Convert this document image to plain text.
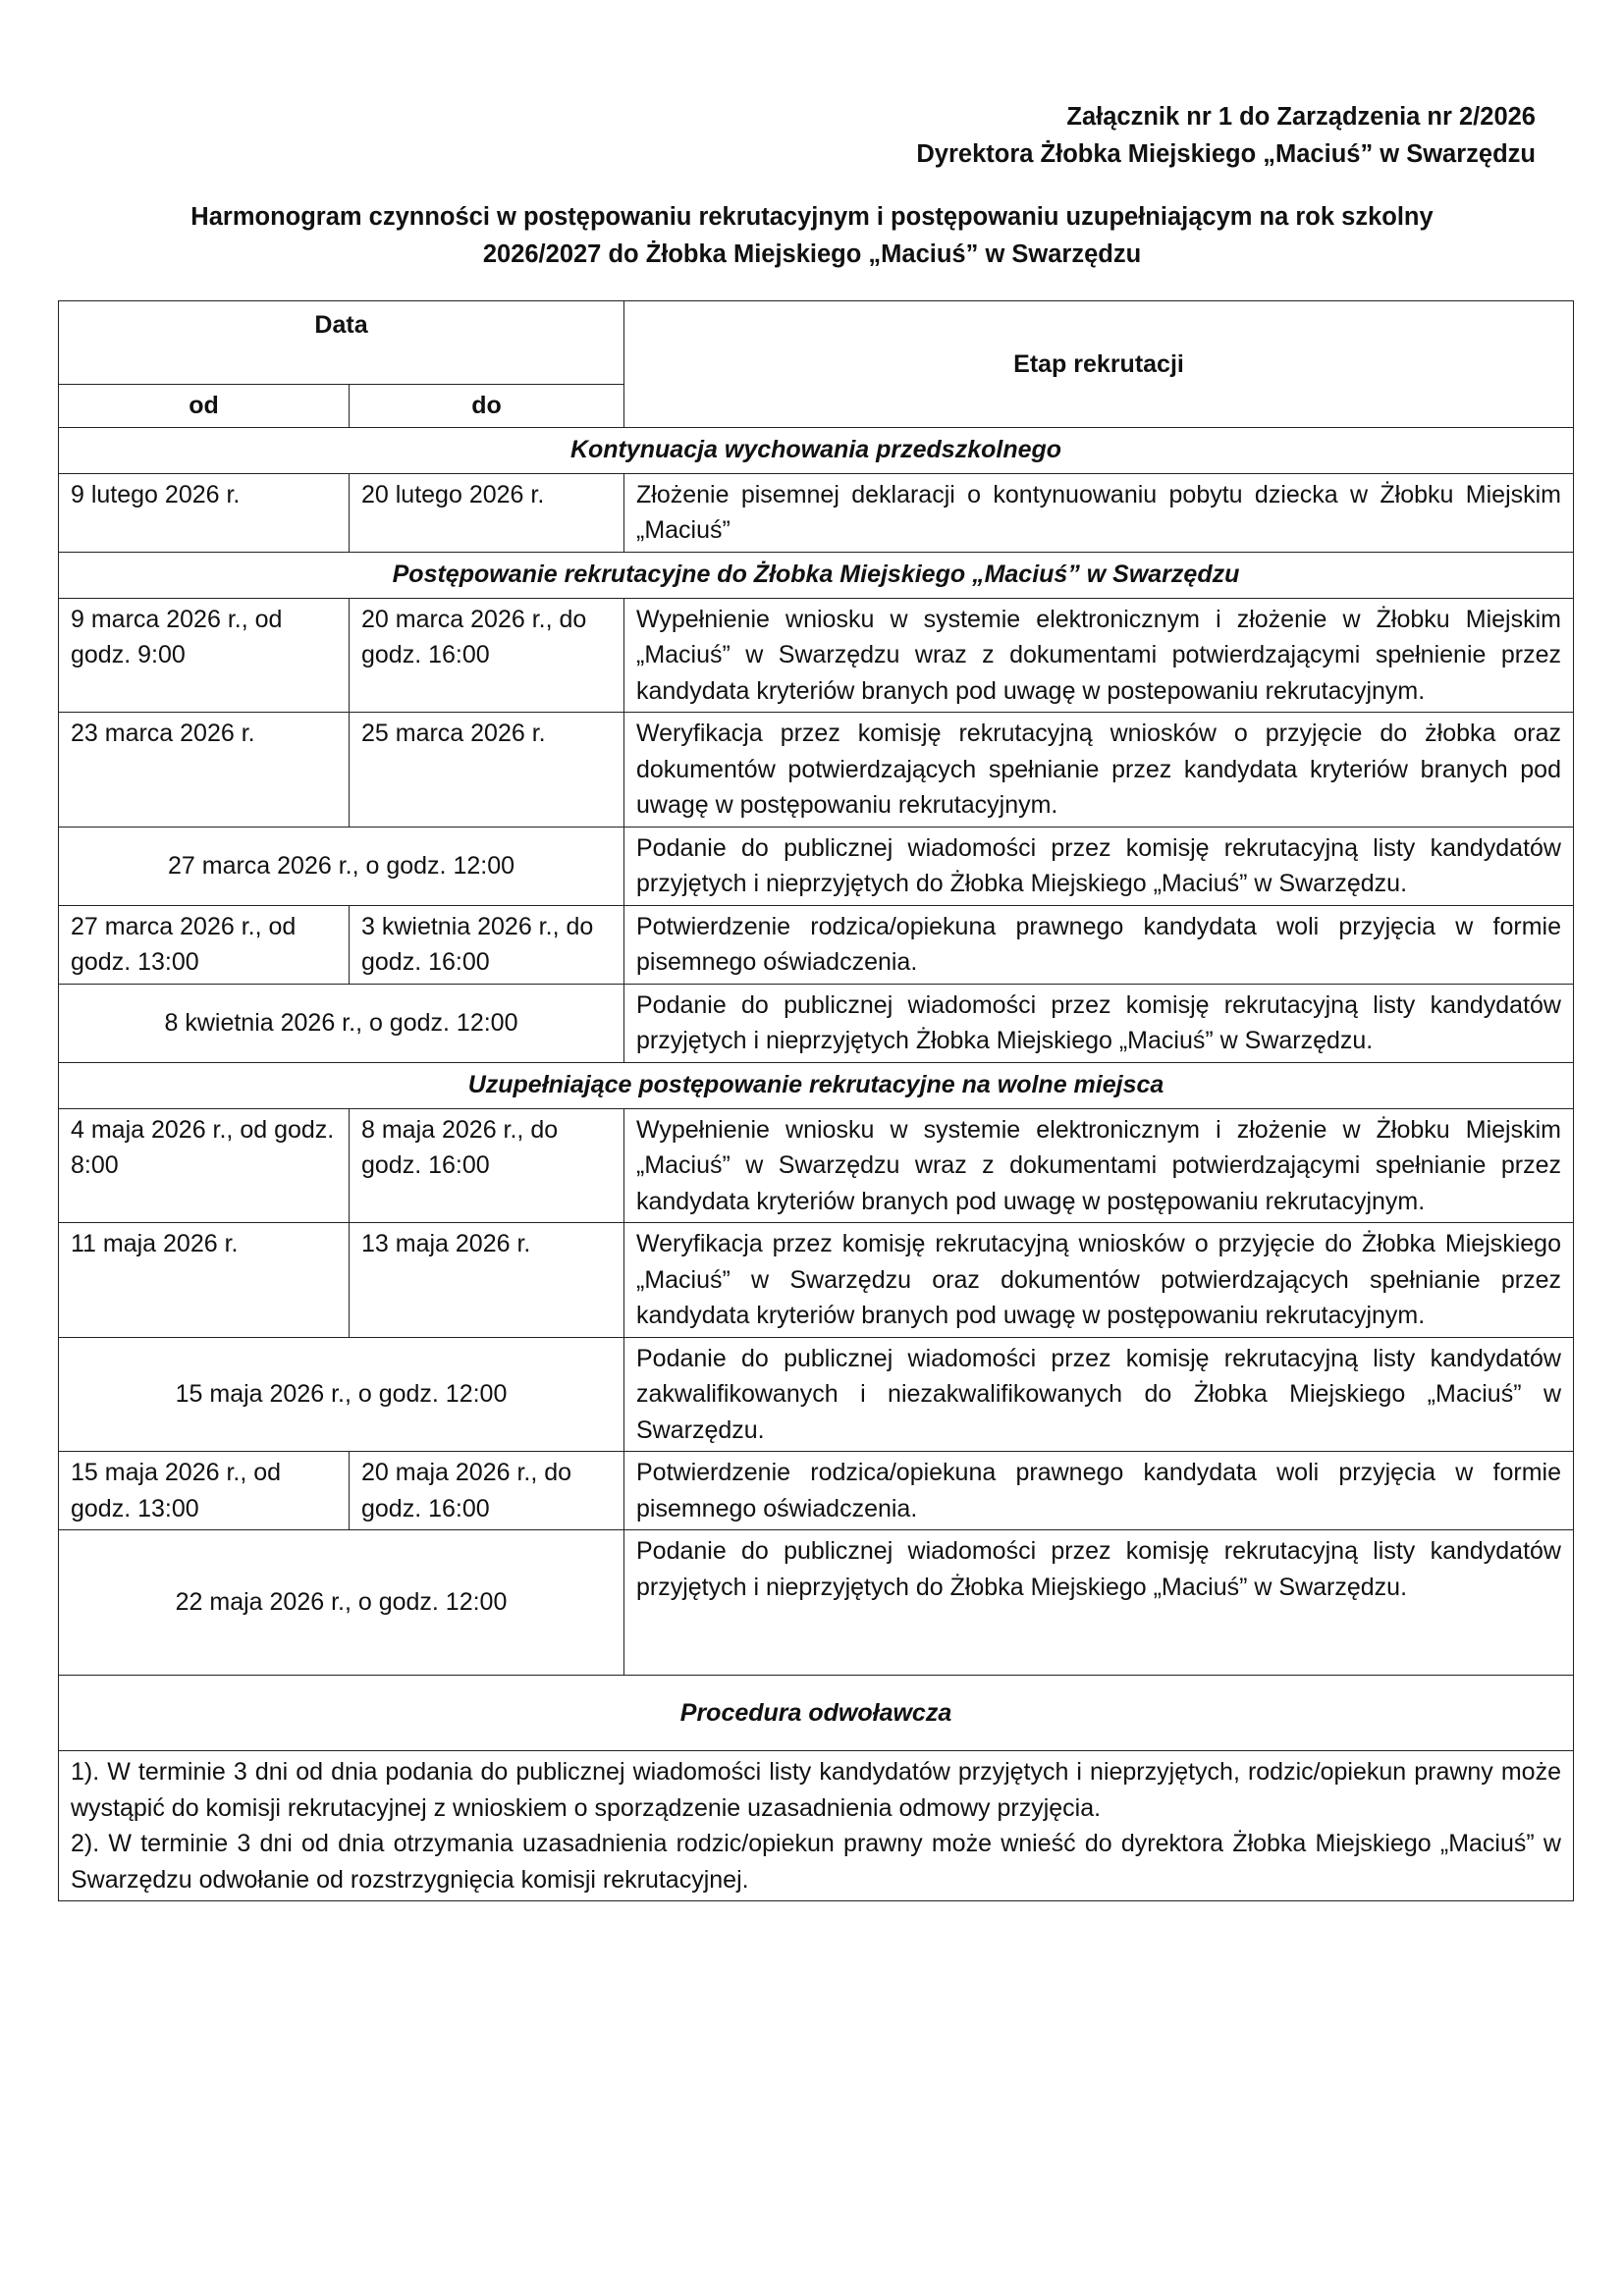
Załącznik nr 1 do Zarządzenia nr 2/2026
Dyrektora Żłobka Miejskiego „Maciuś” w Swarzędzu
Harmonogram czynności w postępowaniu rekrutacyjnym i postępowaniu uzupełniającym na rok szkolny
2026/2027 do Żłobka Miejskiego „Maciuś” w Swarzędzu
Data		Etap rekrutacji
od	do	
Kontynuacja wychowania przedszkolnego		
9 lutego 2026 r.	20 lutego 2026 r.	Złożenie pisemnej deklaracji o kontynuowaniu pobytu dziecka w Żłobku Miejskim „Maciuś”
Postępowanie rekrutacyjne do Żłobka Miejskiego „Maciuś” w Swarzędzu		
9 marca 2026 r., od godz. 9:00	20 marca 2026 r., do godz. 16:00	Wypełnienie wniosku w systemie elektronicznym i złożenie w Żłobku Miejskim „Maciuś” w Swarzędzu wraz z dokumentami potwierdzającymi spełnienie przez kandydata kryteriów branych pod uwagę w postepowaniu rekrutacyjnym.
23 marca 2026 r.	25 marca 2026 r.	Weryfikacja przez komisję rekrutacyjną wniosków o przyjęcie do żłobka oraz dokumentów potwierdzających spełnianie przez kandydata kryteriów branych pod uwagę w postępowaniu rekrutacyjnym.
27 marca 2026 r., o godz. 12:00		Podanie do publicznej wiadomości przez komisję rekrutacyjną listy kandydatów przyjętych i nieprzyjętych do Żłobka Miejskiego „Maciuś” w Swarzędzu.
27 marca 2026 r., od godz. 13:00	3 kwietnia 2026 r., do godz. 16:00	Potwierdzenie rodzica/opiekuna prawnego kandydata woli przyjęcia w formie pisemnego oświadczenia.
8 kwietnia 2026 r., o godz. 12:00		Podanie do publicznej wiadomości przez komisję rekrutacyjną listy kandydatów przyjętych i nieprzyjętych Żłobka Miejskiego „Maciuś” w Swarzędzu.
Uzupełniające postępowanie rekrutacyjne na wolne miejsca		
4 maja 2026 r., od godz. 8:00	8 maja 2026 r., do godz. 16:00	Wypełnienie wniosku w systemie elektronicznym i złożenie w Żłobku Miejskim „Maciuś” w Swarzędzu wraz z dokumentami potwierdzającymi spełnianie przez kandydata kryteriów branych pod uwagę w postępowaniu rekrutacyjnym.
11 maja 2026 r.	13 maja 2026 r.	Weryfikacja przez komisję rekrutacyjną wniosków o przyjęcie do Żłobka Miejskiego „Maciuś” w Swarzędzu oraz dokumentów potwierdzających spełnianie przez kandydata kryteriów branych pod uwagę w postępowaniu rekrutacyjnym.
15 maja 2026 r., o godz. 12:00		Podanie do publicznej wiadomości przez komisję rekrutacyjną listy kandydatów zakwalifikowanych i niezakwalifikowanych do Żłobka Miejskiego „Maciuś” w Swarzędzu.
15 maja 2026 r., od godz. 13:00	20 maja 2026 r., do godz. 16:00	Potwierdzenie rodzica/opiekuna prawnego kandydata woli przyjęcia w formie pisemnego oświadczenia.
22 maja 2026 r., o godz. 12:00		Podanie do publicznej wiadomości przez komisję rekrutacyjną listy kandydatów przyjętych i nieprzyjętych do Żłobka Miejskiego „Maciuś” w Swarzędzu.
Procedura odwoławcza		

1). W terminie 3 dni od dnia podania do publicznej wiadomości listy kandydatów przyjętych i nieprzyjętych, rodzic/opiekun prawny może wystąpić do komisji rekrutacyjnej z wnioskiem o sporządzenie uzasadnienia odmowy przyjęcia.
2). W terminie 3 dni od dnia otrzymania uzasadnienia rodzic/opiekun prawny może wnieść do dyrektora Żłobka Miejskiego „Maciuś” w Swarzędzu odwołanie od rozstrzygnięcia komisji rekrutacyjnej.		
